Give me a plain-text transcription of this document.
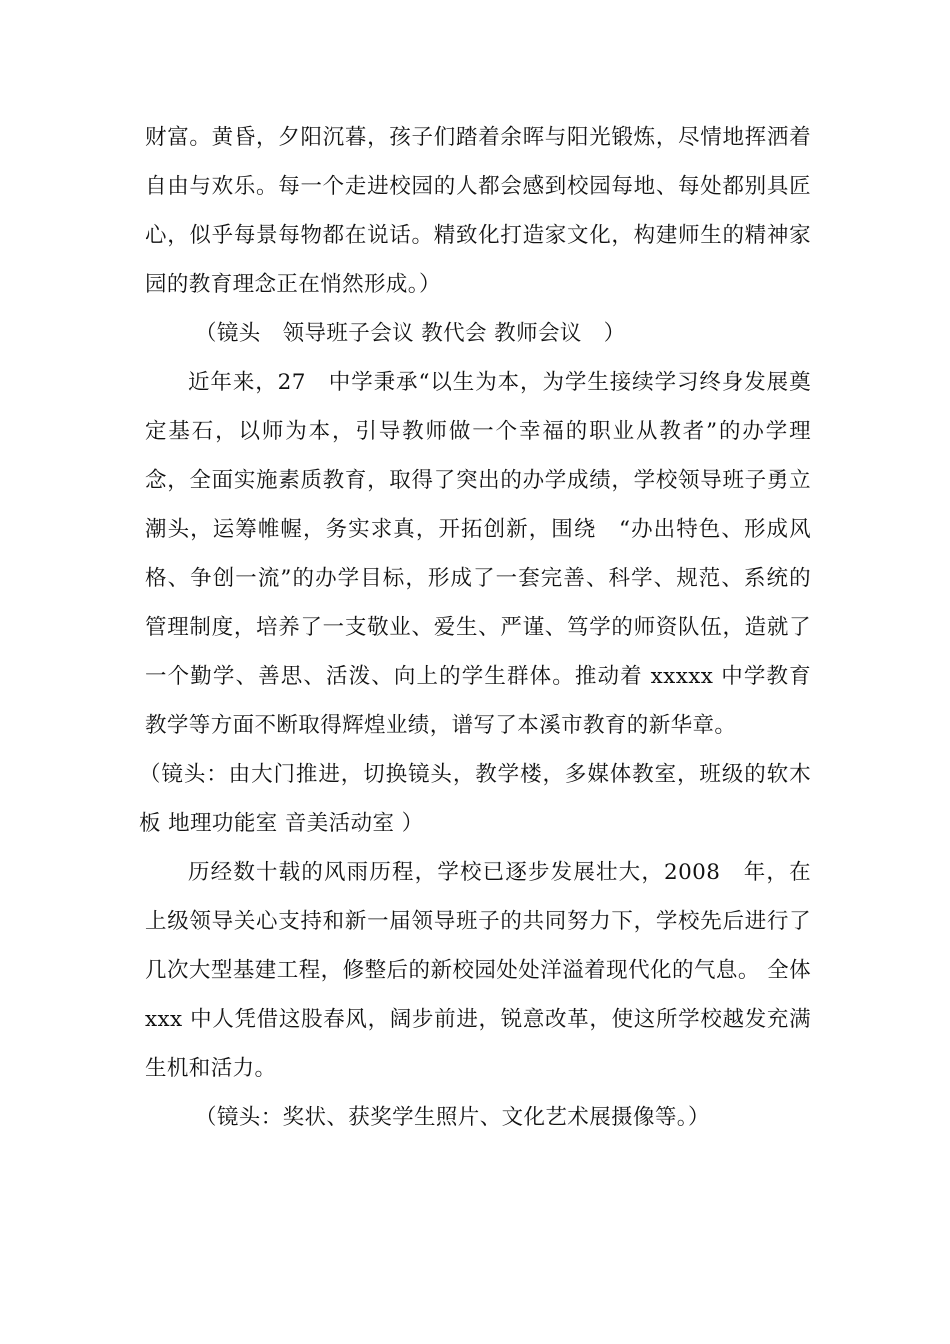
财富。黄昏，夕阳沉暮，孩子们踏着余晖与阳光锻炼，尽情地挥洒着自由与欢乐。每一个走进校园的人都会感到校园每地、每处都别具匠心，似乎每景每物都在说话。精致化打造家文化，构建师生的精神家园的教育理念正在悄然形成。）

（镜头　领导班子会议 教代会 教师会议　）

近年来，27　中学秉承“以生为本，为学生接续学习终身发展奠定基石，以师为本，引导教师做一个幸福的职业从教者”的办学理念，全面实施素质教育，取得了突出的办学成绩，学校领导班子勇立潮头，运筹帷幄，务实求真，开拓创新，围绕　“办出特色、形成风格、争创一流”的办学目标，形成了一套完善、科学、规范、系统的管理制度，培养了一支敬业、爱生、严谨、笃学的师资队伍，造就了一个勤学、善思、活泼、向上的学生群体。推动着 xxxxx 中学教育教学等方面不断取得辉煌业绩，谱写了本溪市教育的新华章。

（镜头：由大门推进，切换镜头，教学楼，多媒体教室，班级的软木板 地理功能室 音美活动室 ）

历经数十载的风雨历程，学校已逐步发展壮大，2008　年，在上级领导关心支持和新一届领导班子的共同努力下，学校先后进行了几次大型基建工程，修整后的新校园处处洋溢着现代化的气息。 全体 xxx 中人凭借这股春风，阔步前进，锐意改革，使这所学校越发充满生机和活力。

（镜头：奖状、获奖学生照片、文化艺术展摄像等。）
